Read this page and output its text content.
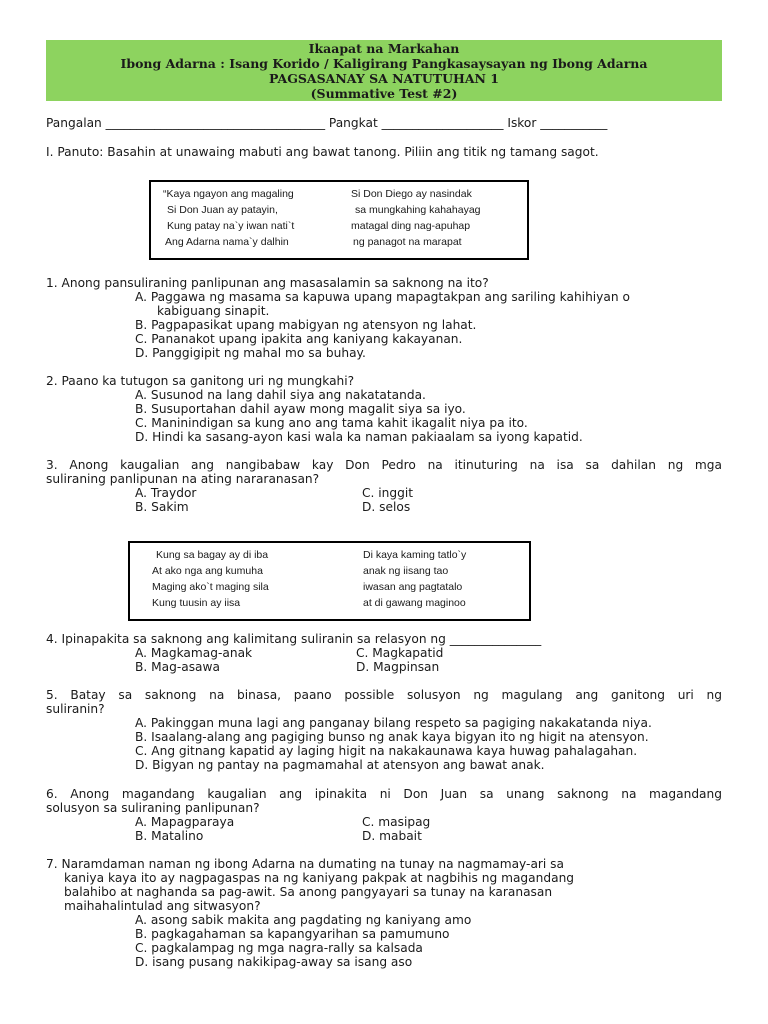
Ikaapat na Markahan
Ibong Adarna : Isang Korido / Kaligirang Pangkasaysayan ng Ibong Adarna
PAGSASANAY SA NATUTUHAN 1
(Summative Test #2)
Pangalan ____________________________________ Pangkat ____________________ Iskor ___________
I. Panuto: Basahin at unawaing mabuti ang bawat tanong. Piliin ang titik ng tamang sagot.
“Kaya ngayon ang magaling
Si Don Juan ay patayin,
Kung patay na`y iwan nati`t
Ang Adarna nama`y dalhin
Si Don Diego ay nasindak
sa mungkahing kahahayag
matagal ding nag-apuhap
ng panagot na marapat
1. Anong pansuliraning panlipunan ang masasalamin sa saknong na ito?
A. Paggawa ng masama sa kapuwa upang mapagtakpan ang sariling kahihiyan o
kabiguang sinapit.
B. Pagpapasikat upang mabigyan ng atensyon ng lahat.
C. Pananakot upang ipakita ang kaniyang kakayanan.
D. Panggigipit ng mahal mo sa buhay.
2. Paano ka tutugon sa ganitong uri ng mungkahi?
A. Susunod na lang dahil siya ang nakatatanda.
B. Susuportahan dahil ayaw mong magalit siya sa iyo.
C. Maninindigan sa kung ano ang tama kahit ikagalit niya pa ito.
D. Hindi ka sasang-ayon kasi wala ka naman pakiaalam sa iyong kapatid.
3. Anong kaugalian ang nangibabaw kay Don Pedro na itinuturing na isa sa dahilan ng mga
suliraning panlipunan na ating nararanasan?
A. Traydor
B. Sakim
C. inggit
D. selos
Kung sa bagay ay di iba
At ako nga ang kumuha
Maging ako`t maging sila
Kung tuusin ay iisa
Di kaya kaming tatlo`y
anak ng iisang tao
iwasan ang pagtatalo
at di gawang maginoo
4. Ipinapakita sa saknong ang kalimitang suliranin sa relasyon ng _______________
A. Magkamag-anak
B. Mag-asawa
C. Magkapatid
D. Magpinsan
5. Batay sa saknong na binasa, paano possible solusyon ng magulang ang ganitong uri ng
suliranin?
A. Pakinggan muna lagi ang panganay bilang respeto sa pagiging nakakatanda niya.
B. Isaalang-alang ang pagiging bunso ng anak kaya bigyan ito ng higit na atensyon.
C. Ang gitnang kapatid ay laging higit na nakakaunawa kaya huwag pahalagahan.
D. Bigyan ng pantay na pagmamahal at atensyon ang bawat anak.
6. Anong magandang kaugalian ang ipinakita ni Don Juan sa unang saknong na magandang
solusyon sa suliraning panlipunan?
A. Mapagparaya
B. Matalino
C. masipag
D. mabait
7. Naramdaman naman ng ibong Adarna na dumating na tunay na nagmamay-ari sa
kaniya kaya ito ay nagpagaspas na ng kaniyang pakpak at nagbihis ng magandang
balahibo at naghanda sa pag-awit. Sa anong pangyayari sa tunay na karanasan
maihahalintulad ang sitwasyon?
A. asong sabik makita ang pagdating ng kaniyang amo
B. pagkagahaman sa kapangyarihan sa pamumuno
C. pagkalampag ng mga nagra-rally sa kalsada
D. isang pusang nakikipag-away sa isang aso
